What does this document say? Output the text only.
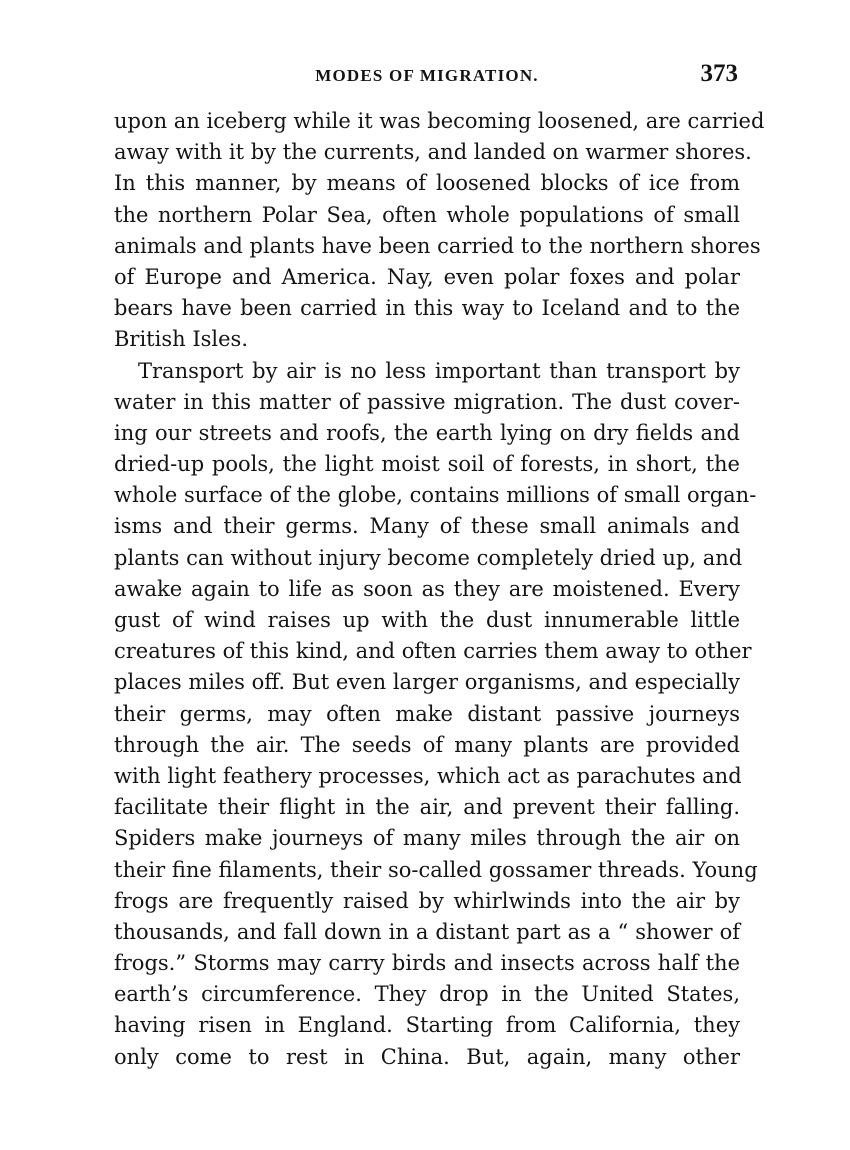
MODES OF MIGRATION.	373
upon an iceberg while it was becoming loosened, are carried
away with it by the currents, and landed on warmer shores.
In this manner, by means of loosened blocks of ice from
the northern Polar Sea, often whole populations of small
animals and plants have been carried to the northern shores
of Europe and America. Nay, even polar foxes and polar
bears have been carried in this way to Iceland and to the
British Isles.
Transport by air is no less important than transport by
water in this matter of passive migration. The dust cover-
ing our streets and roofs, the earth lying on dry fields and
dried-up pools, the light moist soil of forests, in short, the
whole surface of the globe, contains millions of small organ-
isms and their germs. Many of these small animals and
plants can without injury become completely dried up, and
awake again to life as soon as they are moistened. Every
gust of wind raises up with the dust innumerable little
creatures of this kind, and often carries them away to other
places miles off. But even larger organisms, and especially
their germs, may often make distant passive journeys
through the air. The seeds of many plants are provided
with light feathery processes, which act as parachutes and
facilitate their flight in the air, and prevent their falling.
Spiders make journeys of many miles through the air on
their fine filaments, their so-called gossamer threads. Young
frogs are frequently raised by whirlwinds into the air by
thousands, and fall down in a distant part as a “ shower of
frogs.” Storms may carry birds and insects across half the
earth’s circumference. They drop in the United States,
having risen in England. Starting from California, they
only come to rest in China. But, again, many other
